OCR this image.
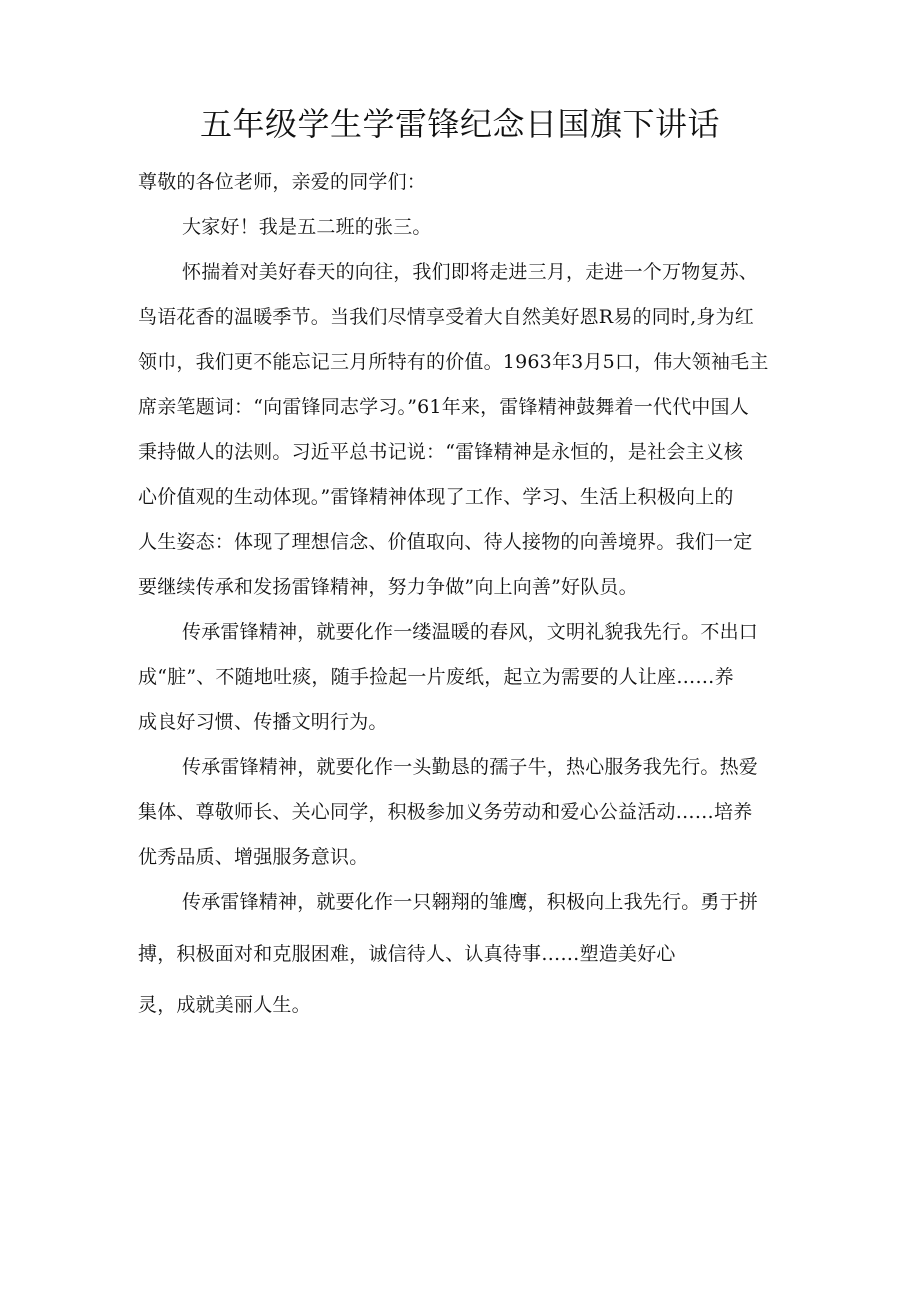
五年级学生学雷锋纪念日国旗下讲话
尊敬的各位老师，亲爱的同学们：
大家好！我是五二班的张三。
怀揣着对美好春天的向往，我们即将走进三月，走进一个万物复苏、
鸟语花香的温暖季节。当我们尽情享受着大自然美好恩R易的同时,身为红
领巾，我们更不能忘记三月所特有的价值。1963年3月5口，伟大领袖毛主
席亲笔题词：“向雷锋同志学习。”61年来，雷锋精神鼓舞着一代代中国人
秉持做人的法则。习近平总书记说：“雷锋精神是永恒的，是社会主义核
心价值观的生动体现。”雷锋精神体现了工作、学习、生活上积极向上的
人生姿态：体现了理想信念、价值取向、待人接物的向善境界。我们一定
要继续传承和发扬雷锋精神，努力争做”向上向善”好队员。
传承雷锋精神，就要化作一缕温暖的春风，文明礼貌我先行。不出口
成“脏”、不随地吐痰，随手捡起一片废纸，起立为需要的人让座……养
成良好习惯、传播文明行为。
传承雷锋精神，就要化作一头勤恳的孺子牛，热心服务我先行。热爱
集体、尊敬师长、关心同学，积极参加义务劳动和爱心公益活动……培养
优秀品质、增强服务意识。
传承雷锋精神，就要化作一只翱翔的雏鹰，积极向上我先行。勇于拼
搏，积极面对和克服困难，诚信待人、认真待事……塑造美好心
灵，成就美丽人生。
